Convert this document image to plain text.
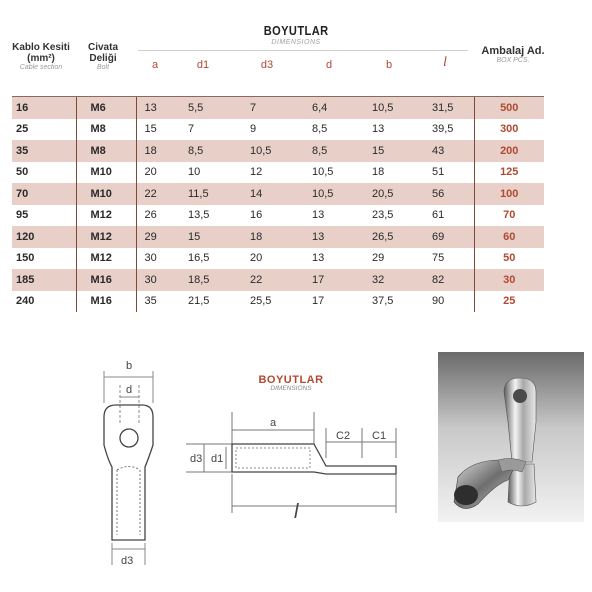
Kablo Kesiti
(mm²)
Cable section
Civata
Deliği
Bolt
Ambalaj Ad.
BOX PCS.
BOYUTLAR
DIMENSIONS
a	d1	d3	d	b	l
16	M6	13	5,5	7	6,4	10,5	31,5	500
25	M8	15	7	9	8,5	13	39,5	300
35	M8	18	8,5	10,5	8,5	15	43	200
50	M10	20	10	12	10,5	18	51	125
70	M10	22	11,5	14	10,5	20,5	56	100
95	M12	26	13,5	16	13	23,5	61	70
120	M12	29	15	18	13	26,5	69	60
150	M12	30	16,5	20	13	29	75	50
185	M16	30	18,5	22	17	32	82	30
240	M16	35	21,5	25,5	17	37,5	90	25
b
d
d3
BOYUTLAR
DIMENSIONS
a
C2 C1
d3 d1
l
